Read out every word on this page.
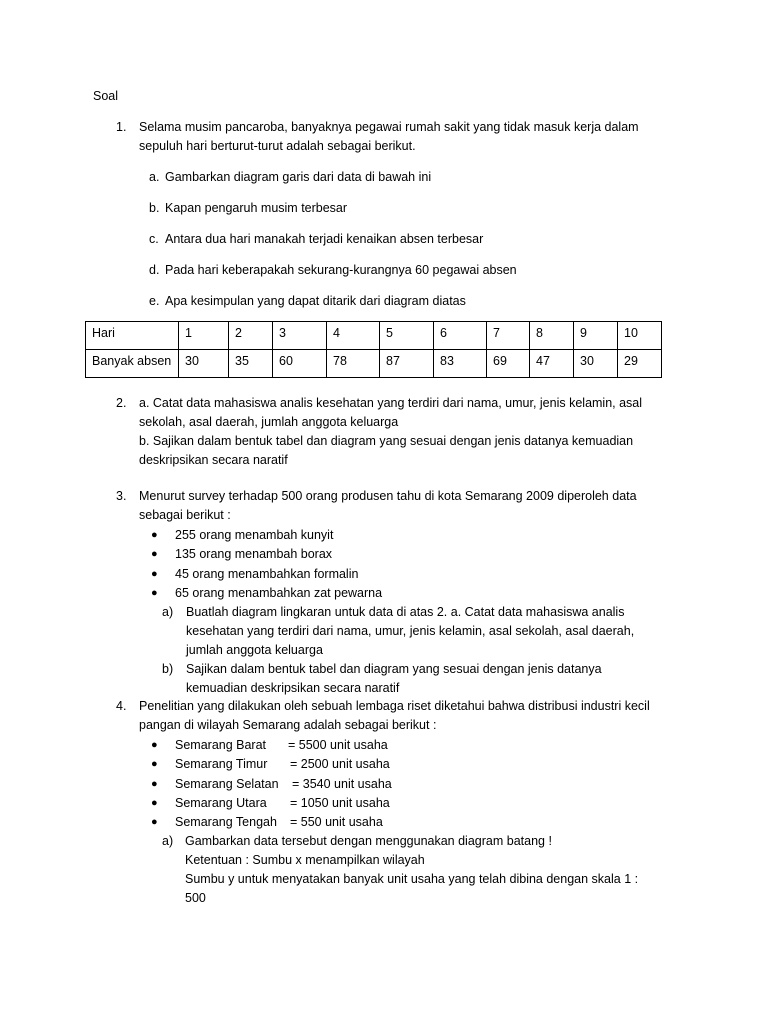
Soal
1. Selama musim pancaroba, banyaknya pegawai rumah sakit yang tidak masuk kerja dalam
sepuluh hari berturut-turut adalah sebagai berikut.
a. Gambarkan diagram garis dari data di bawah ini
b. Kapan pengaruh musim terbesar
c. Antara dua hari manakah terjadi kenaikan absen terbesar
d. Pada hari keberapakah sekurang-kurangnya 60 pegawai absen
e. Apa kesimpulan yang dapat ditarik dari diagram diatas
Hari	1	2	3	4	5	6	7	8	9	10
Banyak absen	30	35	60	78	87	83	69	47	30	29
2. a. Catat data mahasiswa analis kesehatan yang terdiri dari nama, umur, jenis kelamin, asal
sekolah, asal daerah, jumlah anggota keluarga
b. Sajikan dalam bentuk tabel dan diagram yang sesuai dengan jenis datanya kemuadian
deskripsikan secara naratif
3. Menurut survey terhadap 500 orang produsen tahu di kota Semarang 2009 diperoleh data
sebagai berikut :
● 255 orang menambah kunyit
● 135 orang menambah borax
● 45 orang menambahkan formalin
● 65 orang menambahkan zat pewarna
a) Buatlah diagram lingkaran untuk data di atas 2. a. Catat data mahasiswa analis
kesehatan yang terdiri dari nama, umur, jenis kelamin, asal sekolah, asal daerah,
jumlah anggota keluarga
b) Sajikan dalam bentuk tabel dan diagram yang sesuai dengan jenis datanya
kemuadian deskripsikan secara naratif
4. Penelitian yang dilakukan oleh sebuah lembaga riset diketahui bahwa distribusi industri kecil
pangan di wilayah Semarang adalah sebagai berikut :
● Semarang Barat = 5500 unit usaha
● Semarang Timur = 2500 unit usaha
● Semarang Selatan = 3540 unit usaha
● Semarang Utara = 1050 unit usaha
● Semarang Tengah = 550 unit usaha
a) Gambarkan data tersebut dengan menggunakan diagram batang !
Ketentuan : Sumbu x menampilkan wilayah
Sumbu y untuk menyatakan banyak unit usaha yang telah dibina dengan skala 1 :
500
